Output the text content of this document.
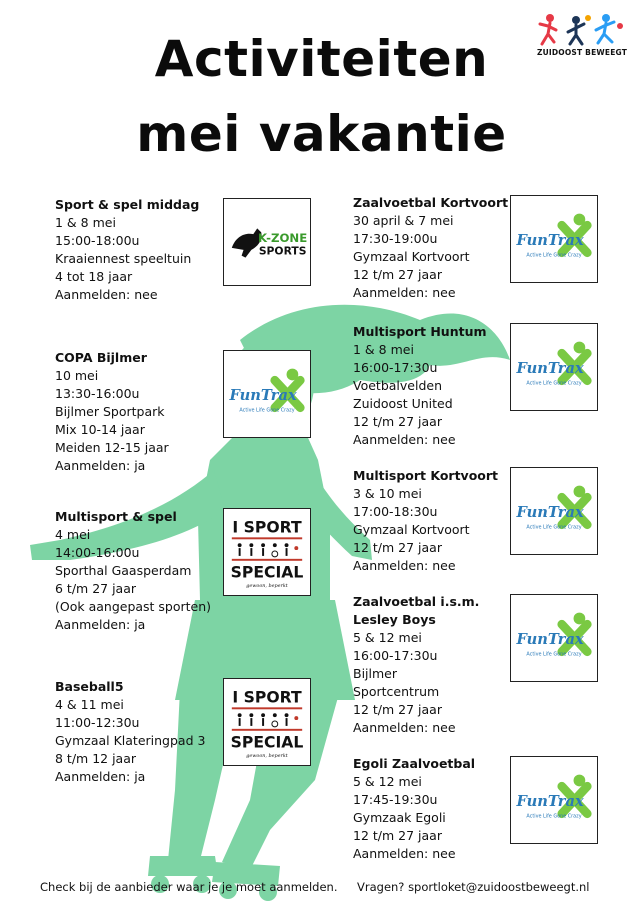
Activiteiten
mei vakantie
ZUIDOOST BEWEEGT
Sport & spel middag
1 & 8 mei
15:00-18:00u
Kraaiennest speeltuin
4 tot 18 jaar
Aanmelden: nee
COPA Bijlmer
10 mei
13:30-16:00u
Bijlmer Sportpark
Mix 10-14 jaar
Meiden 12-15 jaar
Aanmelden: ja
Multisport & spel
4 mei
14:00-16:00u
Sporthal Gaasperdam
6 t/m 27 jaar
(Ook aangepast sporten)
Aanmelden: ja
Baseball5
4 & 11 mei
11:00-12:30u
Gymzaal Klateringpad 3
8 t/m 12 jaar
Aanmelden: ja
Zaalvoetbal Kortvoort
30 april & 7 mei
17:30-19:00u
Gymzaal Kortvoort
12 t/m 27 jaar
Aanmelden: nee
Multisport Huntum
1 & 8 mei
16:00-17:30u
Voetbalvelden
Zuidoost United
12 t/m 27 jaar
Aanmelden: nee
Multisport Kortvoort
3 & 10 mei
17:00-18:30u
Gymzaal Kortvoort
12 t/m 27 jaar
Aanmelden: nee
Zaalvoetbal i.s.m.
Lesley Boys
5 & 12 mei
16:00-17:30u
Bijlmer
Sportcentrum
12 t/m 27 jaar
Aanmelden: nee
Egoli Zaalvoetbal
5 & 12 mei
17:45-19:30u
Gymzaak Egoli
12 t/m 27 jaar
Aanmelden: nee
K-ZONE
SPORTS
FunTrax
Active Life Gone Crazy
FunTrax
Active Life Gone Crazy
FunTrax
Active Life Gone Crazy
FunTrax
Active Life Gone Crazy
FunTrax
Active Life Gone Crazy
FunTrax
Active Life Gone Crazy
I SPORT
SPECIAL
gewoon, beperkt
I SPORT
SPECIAL
gewoon, beperkt
Check bij de aanbieder waar je je moet aanmelden. Vragen? sportloket@zuidoostbeweegt.nl
